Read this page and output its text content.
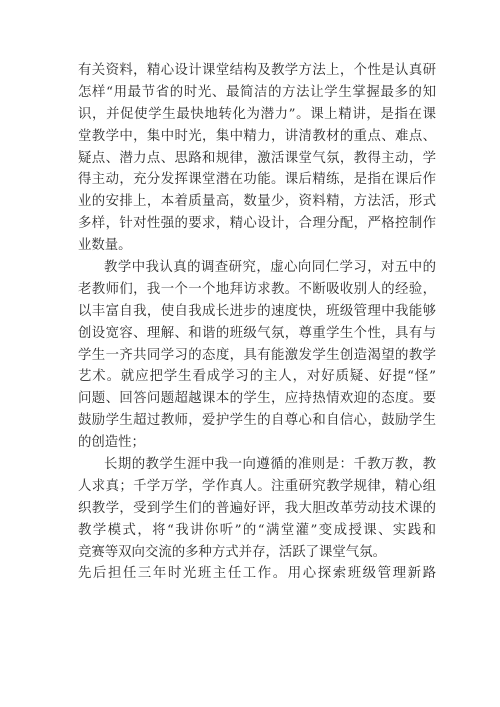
有关资料，精心设计课堂结构及教学方法上，个性是认真研
怎样“用最节省的时光、最简洁的方法让学生掌握最多的知
识，并促使学生最快地转化为潜力”。课上精讲，是指在课
堂教学中，集中时光，集中精力，讲清教材的重点、难点、
疑点、潜力点、思路和规律，激活课堂气氛，教得主动，学
得主动，充分发挥课堂潜在功能。课后精练，是指在课后作
业的安排上，本着质量高，数量少，资料精，方法活，形式
多样，针对性强的要求，精心设计，合理分配，严格控制作
业数量。
教学中我认真的调查研究，虚心向同仁学习，对五中的
老教师们，我一个一个地拜访求教。不断吸收别人的经验，
以丰富自我，使自我成长进步的速度快，班级管理中我能够
创设宽容、理解、和谐的班级气氛，尊重学生个性，具有与
学生一齐共同学习的态度，具有能激发学生创造渴望的教学
艺术。就应把学生看成学习的主人，对好质疑、好提“怪”
问题、回答问题超越课本的学生，应持热情欢迎的态度。要
鼓励学生超过教师，爱护学生的自尊心和自信心，鼓励学生
的创造性；
长期的教学生涯中我一向遵循的准则是：千教万教，教
人求真；千学万学，学作真人。注重研究教学规律，精心组
织教学，受到学生们的普遍好评，我大胆改革劳动技术课的
教学模式，将“我讲你听”的“满堂灌”变成授课、实践和
竞赛等双向交流的多种方式并存，活跃了课堂气氛。
先后担任三年时光班主任工作。用心探索班级管理新路
